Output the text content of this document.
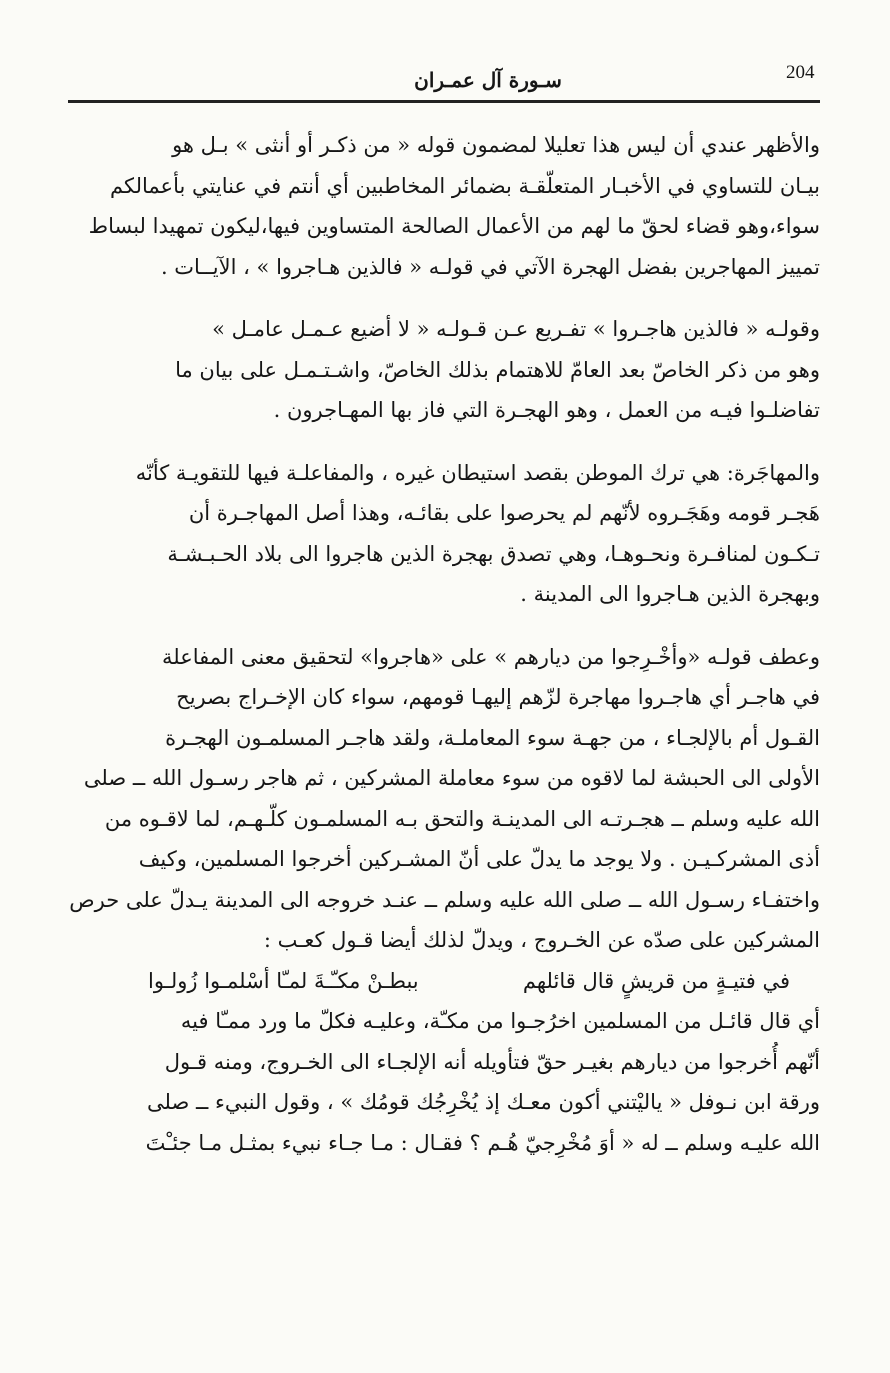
204
سـورة آل عمـران
والأظهر عندي أن ليس هذا تعليلا لمضمون قوله « من ذكـر أو أنثى » بـل هو
بيـان للتساوي في الأخبـار المتعلّقـة بضمائر المخاطبين أي أنتم في عنايتي بأعمالكم
سواء،وهو قضاء لحقّ ما لهم من الأعمال الصالحة المتساوين فيها،ليكون تمهيدا لبساط
تمييز المهاجرين بفضل الهجرة الآتي في قولـه « فالذين هـاجروا » ، الآيــات .
وقولـه « فالذين هاجـروا » تفـريع عـن قـولـه « لا أضيع عـمـل عامـل »
وهو من ذكر الخاصّ بعد العامّ للاهتمام بذلك الخاصّ، واشـتـمـل على بيان ما
تفاضلـوا فيـه من العمل ، وهو الهجـرة التي فاز بها المهـاجرون .
والمهاجَرة: هي ترك الموطن بقصد استيطان غيره ، والمفاعلـة فيها للتقويـة كأنّه
هَجـر قومه وهَجَـروه لأنّهم لم يحرصوا على بقائـه، وهذا أصل المهاجـرة أن
تـكـون لمنافـرة ونحـوهـا، وهي تصدق بهجرة الذين هاجروا الى بلاد الحـبـشـة
وبهجرة الذين هـاجروا الى المدينة .
وعطف قولـه «وأخْـرِجوا من ديارهم » على «هاجروا» لتحقيق معنى المفاعلة
في هاجـر أي هاجـروا مهاجرة لزّهم إليهـا قومهم، سواء كان الإخـراج بصريح
القـول أم بالإلجـاء ، من جهـة سوء المعاملـة، ولقد هاجـر المسلمـون الهجـرة
الأولى الى الحبشة لما لاقوه من سوء معاملة المشركين ، ثم هاجر رسـول الله ــ صلى
الله عليه وسلم ــ هجـرتـه الى المدينـة والتحق بـه المسلمـون كلّـهـم، لما لاقـوه من
أذى المشركـيـن . ولا يوجد ما يدلّ على أنّ المشـركين أخرجوا المسلمين، وكيف
واختفـاء رسـول الله ــ صلى الله عليه وسلم ــ عنـد خروجه الى المدينة يـدلّ على حرص
المشركين على صدّه عن الخـروج ، ويدلّ لذلك أيضا قـول كعـب :
في فتيـةٍ من قريشٍ قال قائلهم
ببطـنْ مكـّـةَ لمـّا أسْلمـوا زُولـوا
أي قال قائـل من المسلمين اخرُجـوا من مكـّة، وعليـه فكلّ ما ورد ممـّا فيه
أنّهم أُخرجوا من ديارهم بغيـر حقّ فتأويله أنه الإلجـاء الى الخـروج، ومنه قـول
ورقة ابن نـوفل « ياليْتني أكون معـك إذ يُخْرِجُك قومُك » ، وقول النبيء ــ صلى
الله عليـه وسلم ــ له « أوَ مُخْرِجيّ هُـم ؟ فقـال : مـا جـاء نبيء بمثـل مـا جئـْتَ
